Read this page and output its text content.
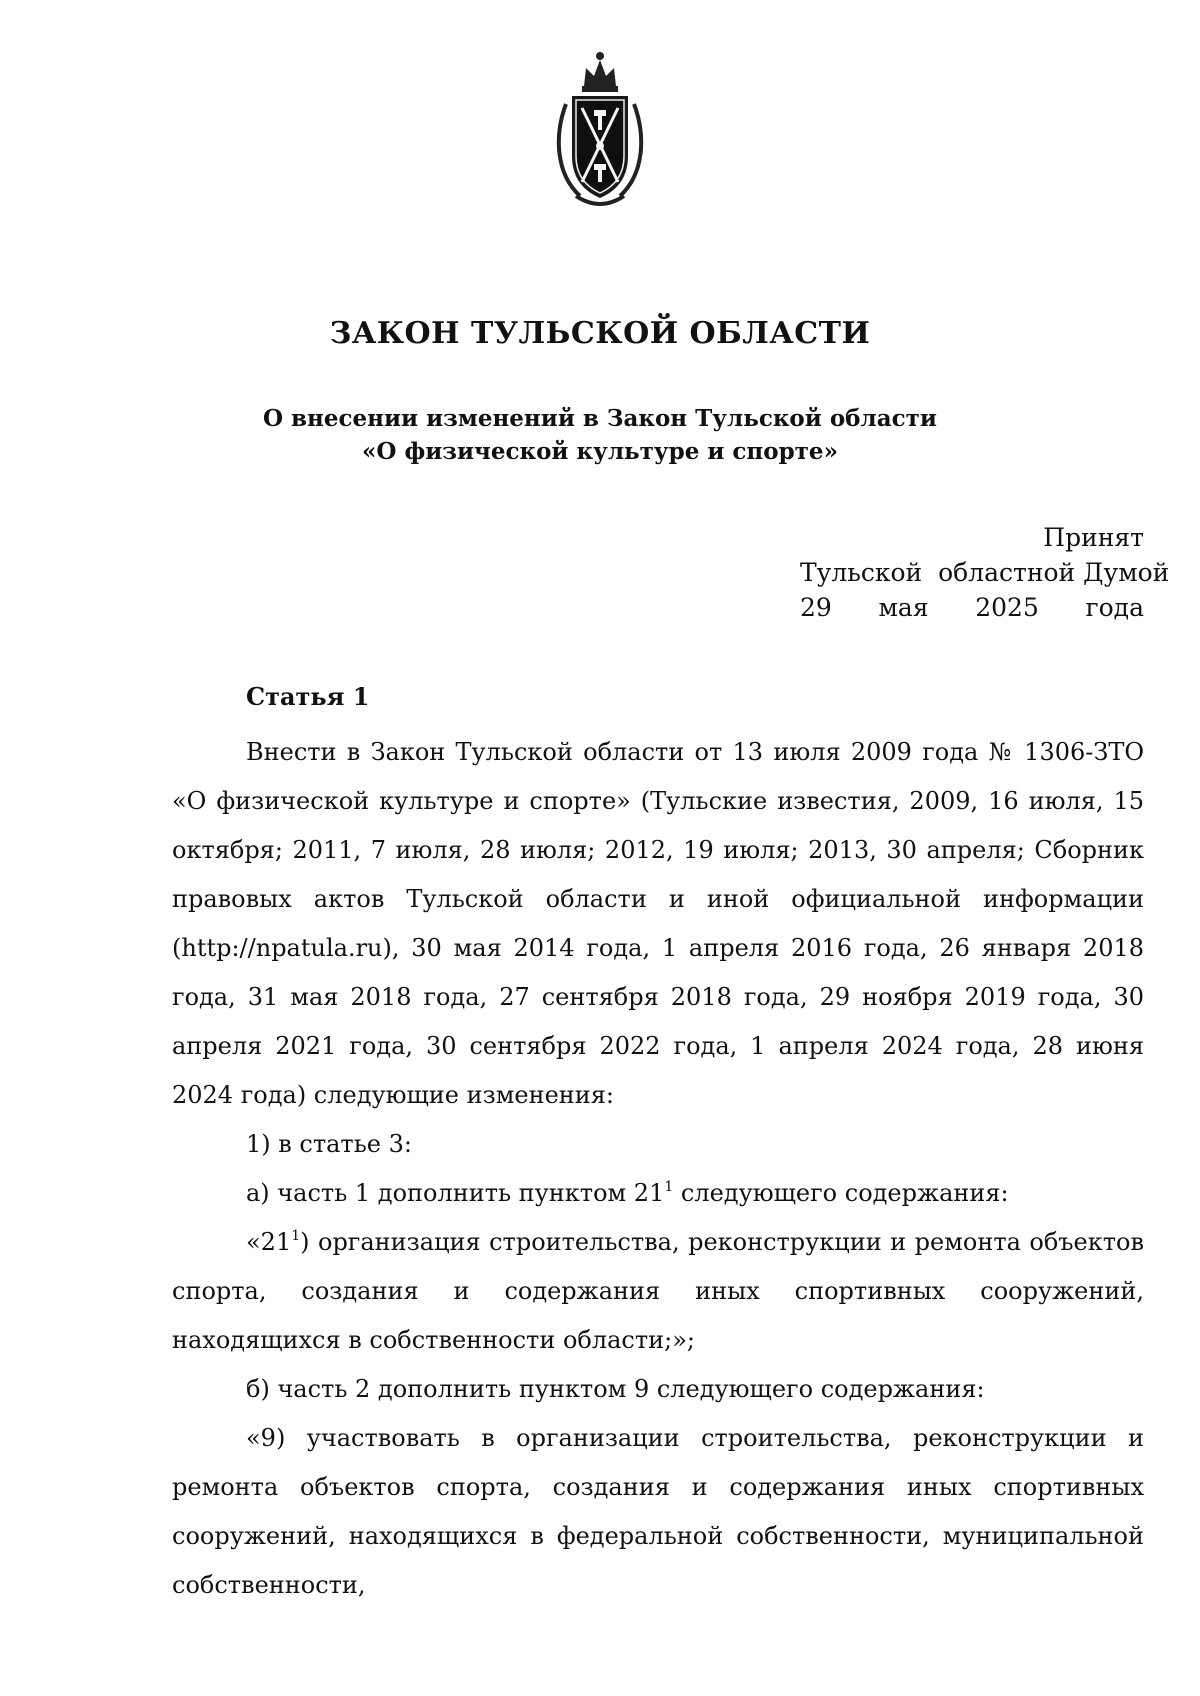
ЗАКОН ТУЛЬСКОЙ ОБЛАСТИ
О внесении изменений в Закон Тульской области
«О физической культуре и спорте»
Принят
Тульской  областной Думой
29 мая 2025 года
Статья 1

Внести в Закон Тульской области от 13 июля 2009 года № 1306-ЗТО «О физической культуре и спорте» (Тульские известия, 2009, 16 июля, 15 октября; 2011, 7 июля, 28 июля; 2012, 19 июля; 2013, 30 апреля; Сборник правовых актов Тульской области и иной официальной информации (http://npatula.ru), 30 мая 2014 года, 1 апреля 2016 года, 26 января 2018 года, 31 мая 2018 года, 27 сентября 2018 года, 29 ноября 2019 года, 30 апреля 2021 года, 30 сентября 2022 года, 1 апреля 2024 года, 28 июня 2024 года) следующие изменения:

1) в статье 3:

а) часть 1 дополнить пунктом $21^1$ следующего содержания:

«$21^1$) организация строительства, реконструкции и ремонта объектов спорта, создания и содержания иных спортивных сооружений, находящихся в собственности области;»;

б) часть 2 дополнить пунктом 9 следующего содержания:

«9) участвовать в организации строительства, реконструкции и ремонта объектов спорта, создания и содержания иных спортивных сооружений, находящихся в федеральной собственности, муниципальной собственности,
